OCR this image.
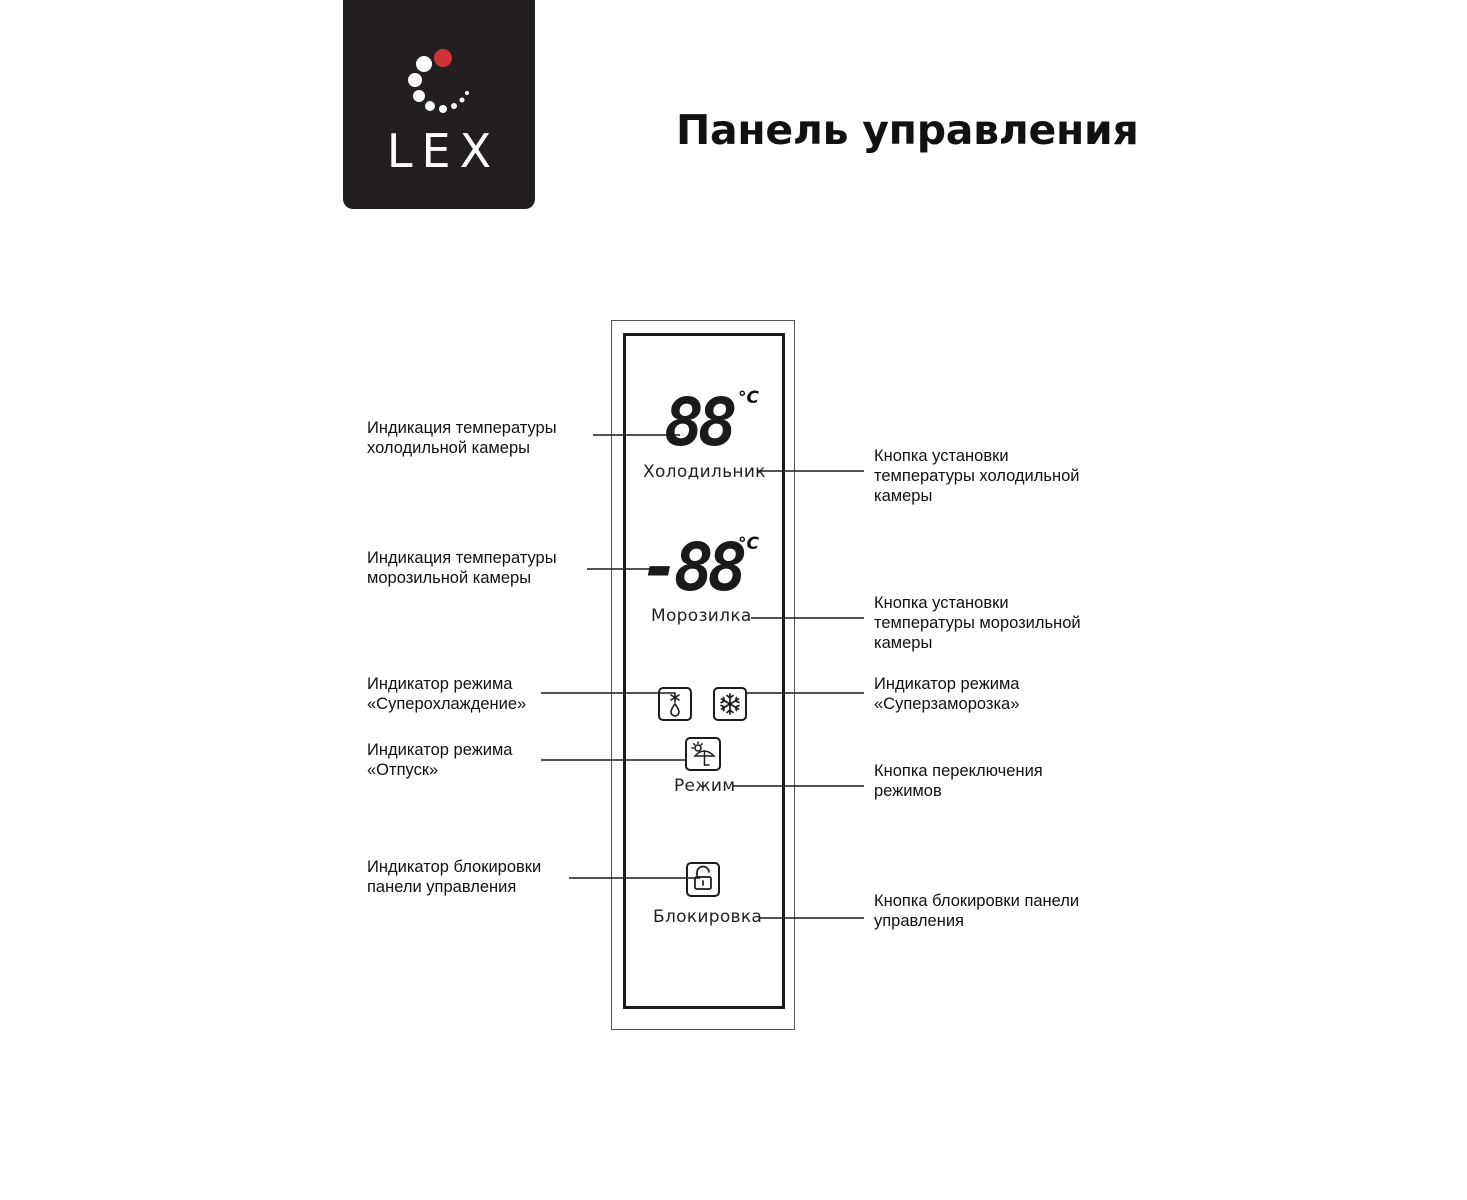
LEX	Панель управления
88 °C
Холодильник
-88
°C
Морозилка
Режим
Блокировка
Индикация температуры
холодильной камеры
Индикация температуры
морозильной камеры
Индикатор режима
«Суперохлаждение»
Индикатор режима
«Отпуск»
Индикатор блокировки
панели управления
Кнопка установки
температуры холодильной
камеры
Кнопка установки
температуры морозильной
камеры
Индикатор режима
«Суперзаморозка»
Кнопка переключения
режимов
Кнопка блокировки панели
управления
